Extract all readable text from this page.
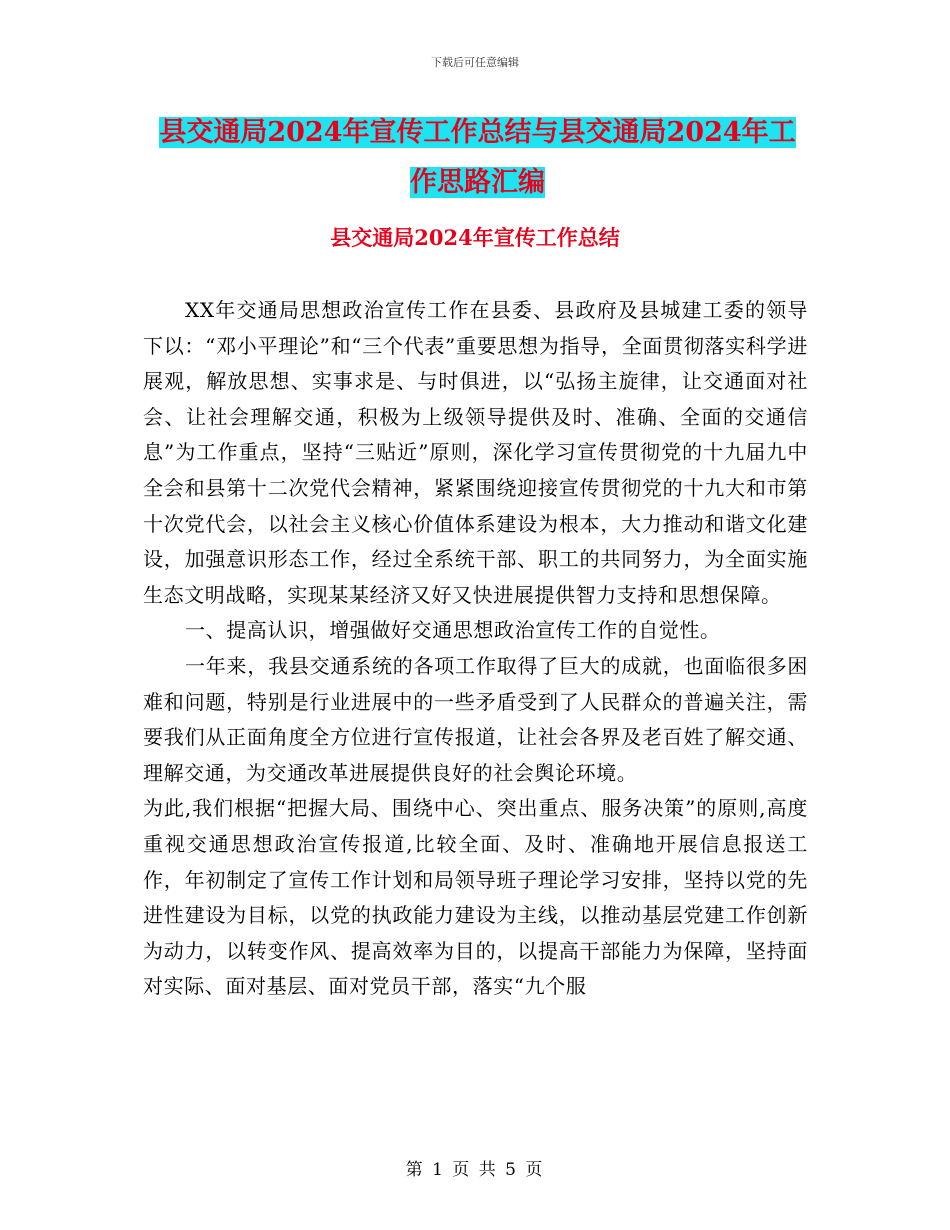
下载后可任意编辑
县交通局2024年宣传工作总结与县交通局2024年工
作思路汇编
县交通局2024年宣传工作总结

XX年交通局思想政治宣传工作在县委、县政府及县城建工委的领导下以：“邓小平理论”和“三个代表”重要思想为指导，全面贯彻落实科学进展观，解放思想、实事求是、与时俱进，以“弘扬主旋律，让交通面对社会、让社会理解交通，积极为上级领导提供及时、准确、全面的交通信息”为工作重点，坚持“三贴近”原则，深化学习宣传贯彻党的十九届九中全会和县第十二次党代会精神，紧紧围绕迎接宣传贯彻党的十九大和市第十次党代会，以社会主义核心价值体系建设为根本，大力推动和谐文化建设，加强意识形态工作，经过全系统干部、职工的共同努力，为全面实施生态文明战略，实现某某经济又好又快进展提供智力支持和思想保障。

一、提高认识，增强做好交通思想政治宣传工作的自觉性。

一年来，我县交通系统的各项工作取得了巨大的成就，也面临很多困难和问题，特别是行业进展中的一些矛盾受到了人民群众的普遍关注，需要我们从正面角度全方位进行宣传报道，让社会各界及老百姓了解交通、理解交通，为交通改革进展提供良好的社会舆论环境。

为此,我们根据“把握大局、围绕中心、突出重点、服务决策”的原则,高度重视交通思想政治宣传报道,比较全面、及时、准确地开展信息报送工作，年初制定了宣传工作计划和局领导班子理论学习安排，坚持以党的先进性建设为目标，以党的执政能力建设为主线，以推动基层党建工作创新为动力，以转变作风、提高效率为目的，以提高干部能力为保障，坚持面对实际、面对基层、面对党员干部，落实“九个服

第 1 页 共 5 页
